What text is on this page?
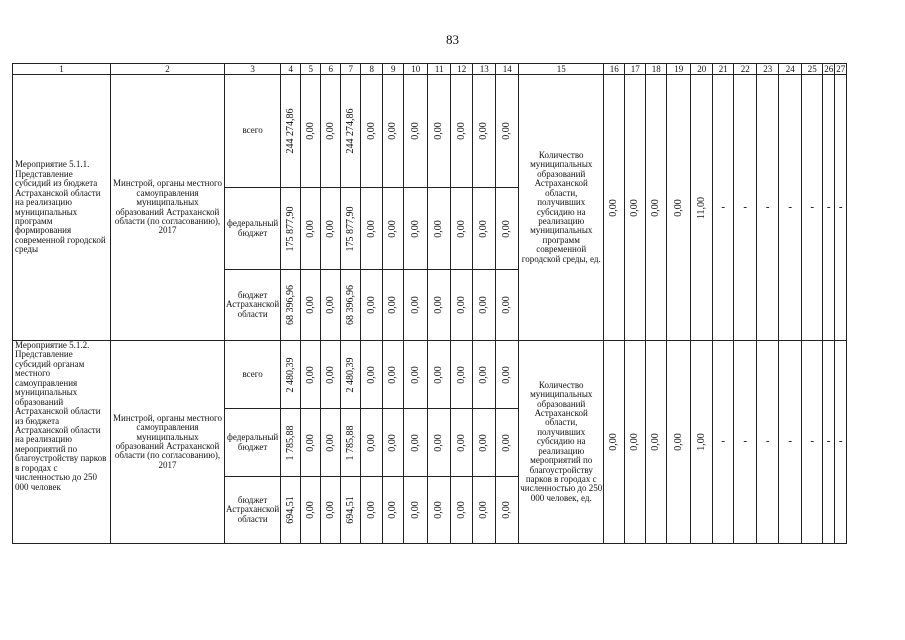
83
1	2	3	4	5	6	7	8	9	10	11	12	13	14	15	16	17	18	19	20	21	22	23	24	25	26	27
Мероприятие 5.1.1. Представление субсидий из бюджета Астраханской области на реализацию муниципальных программ формирования современной городской среды	Минстрой, органы местного самоуправления муниципальных образований Астраханской области (по согласованию), 2017	всего	244 274,86	0,00	0,00	244 274,86	0,00	0,00	0,00	0,00	0,00	0,00	0,00	Количество муниципальных образований Астраханской области, получивших субсидию на реализацию муниципальных программ современной городской среды, ед.	0,00	0,00	0,00	0,00	11,00	-	-	-	-	-	-	-
		федеральный бюджет	175 877,90	0,00	0,00	175 877,90	0,00	0,00	0,00	0,00	0,00	0,00	0,00													

		бюджет Астраханской области	68 396,96	0,00	0,00	68 396,96	0,00	0,00	0,00	0,00	0,00	0,00	0,00													

Мероприятие 5.1.2. Представление субсидий органам местного самоуправления муниципальных образований Астраханской области из бюджета Астраханской области на реализацию мероприятий по благоустройству парков в городах с численностью до 250 000 человек	Минстрой, органы местного самоуправления муниципальных образований Астраханской области (по согласованию), 2017	всего	2 480,39	0,00	0,00	2 480,39	0,00	0,00	0,00	0,00	0,00	0,00	0,00	Количество муниципальных образований Астраханской области, получивших субсидию на реализацию мероприятий по благоустройству парков в городах с численностью до 250 000 человек, ед.	0,00	0,00	0,00	0,00	1,00	-	-	-	-	-	-	-
		федеральный бюджет	1 785,88	0,00	0,00	1 785,88	0,00	0,00	0,00	0,00	0,00	0,00	0,00													

		бюджет Астраханской области	694,51	0,00	0,00	694,51	0,00	0,00	0,00	0,00	0,00	0,00	0,00													
